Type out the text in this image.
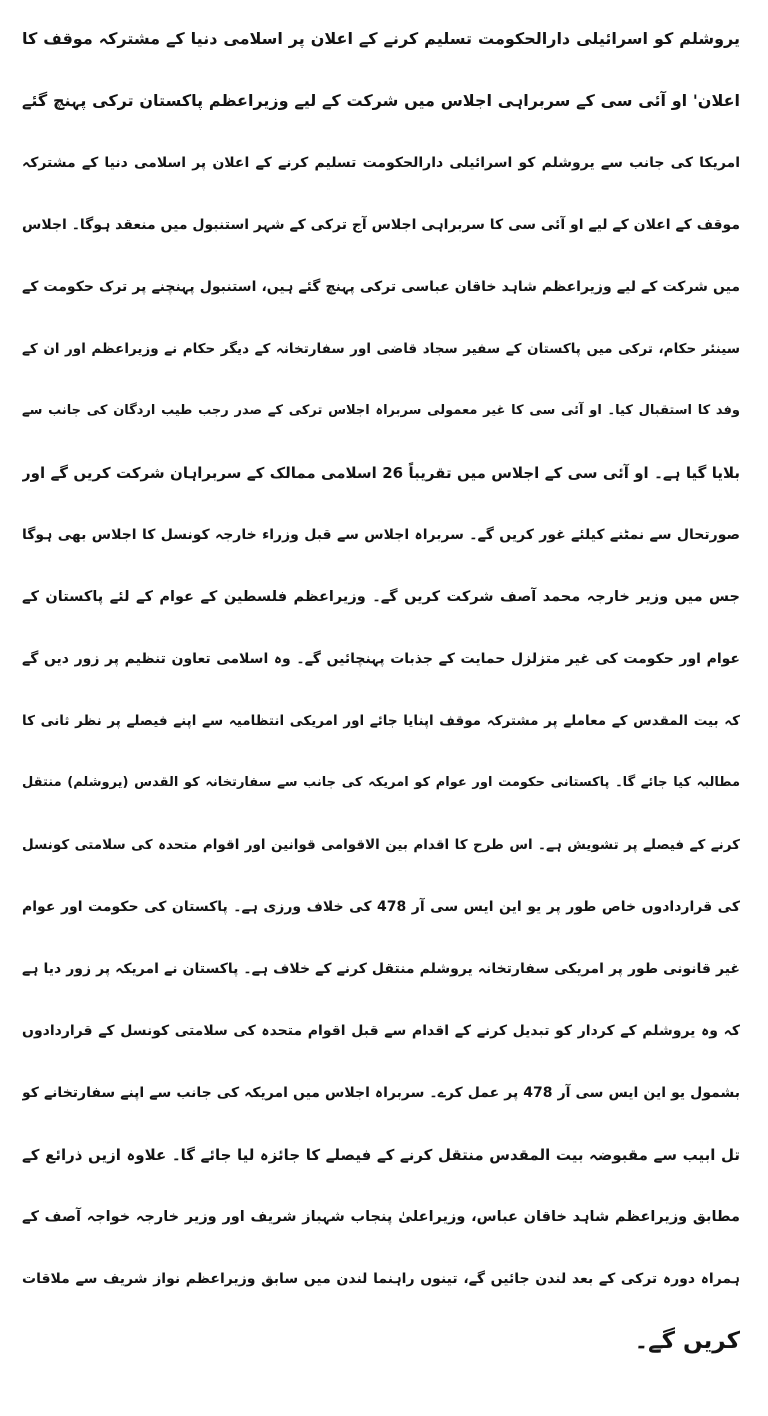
یروشلم کو اسرائیلی دارالحکومت تسلیم کرنے کے اعلان پر اسلامی دنیا کے مشترکہ موقف کا
اعلان' او آئی سی کے سربراہی اجلاس میں شرکت کے لیے وزیراعظم پاکستان ترکی پہنچ گئے
امریکا کی جانب سے یروشلم کو اسرائیلی دارالحکومت تسلیم کرنے کے اعلان پر اسلامی دنیا کے مشترکہ
موقف کے اعلان کے لیے او آئی سی کا سربراہی اجلاس آج ترکی کے شہر استنبول میں منعقد ہوگا۔ اجلاس
میں شرکت کے لیے وزیراعظم شاہد خاقان عباسی ترکی پہنچ گئے ہیں، استنبول پہنچنے پر ترک حکومت کے
سینئر حکام، ترکی میں پاکستان کے سفیر سجاد قاضی اور سفارتخانہ کے دیگر حکام نے وزیراعظم اور ان کے
وفد کا استقبال کیا۔ او آئی سی کا غیر معمولی سربراہ اجلاس ترکی کے صدر رجب طیب اردگان کی جانب سے
بلایا گیا ہے۔ او آئی سی کے اجلاس میں تقریباً 26 اسلامی ممالک کے سربراہان شرکت کریں گے اور
صورتحال سے نمٹنے کیلئے غور کریں گے۔ سربراہ اجلاس سے قبل وزراء خارجہ کونسل کا اجلاس بھی ہوگا
جس میں وزیر خارجہ محمد آصف شرکت کریں گے۔ وزیراعظم فلسطین کے عوام کے لئے پاکستان کے
عوام اور حکومت کی غیر متزلزل حمایت کے جذبات پہنچائیں گے۔ وہ اسلامی تعاون تنظیم پر زور دیں گے
کہ بیت المقدس کے معاملے پر مشترکہ موقف اپنایا جائے اور امریکی انتظامیہ سے اپنے فیصلے پر نظر ثانی کا
مطالبہ کیا جائے گا۔ پاکستانی حکومت اور عوام کو امریکہ کی جانب سے سفارتخانہ کو القدس (یروشلم) منتقل
کرنے کے فیصلے پر تشویش ہے۔ اس طرح کا اقدام بین الاقوامی قوانین اور اقوام متحدہ کی سلامتی کونسل
کی قراردادوں خاص طور پر یو این ایس سی آر 478 کی خلاف ورزی ہے۔ پاکستان کی حکومت اور عوام
غیر قانونی طور پر امریکی سفارتخانہ یروشلم منتقل کرنے کے خلاف ہے۔ پاکستان نے امریکہ پر زور دیا ہے
کہ وہ یروشلم کے کردار کو تبدیل کرنے کے اقدام سے قبل اقوام متحدہ کی سلامتی کونسل کے قراردادوں
بشمول یو این ایس سی آر 478 پر عمل کرے۔ سربراہ اجلاس میں امریکہ کی جانب سے اپنے سفارتخانے کو
تل ابیب سے مقبوضہ بیت المقدس منتقل کرنے کے فیصلے کا جائزہ لیا جائے گا۔ علاوہ ازیں ذرائع کے
مطابق وزیراعظم شاہد خاقان عباس، وزیراعلیٰ پنجاب شہباز شریف اور وزیر خارجہ خواجہ آصف کے
ہمراہ دورہ ترکی کے بعد لندن جائیں گے، تینوں راہنما لندن میں سابق وزیراعظم نواز شریف سے ملاقات
کریں گے۔
